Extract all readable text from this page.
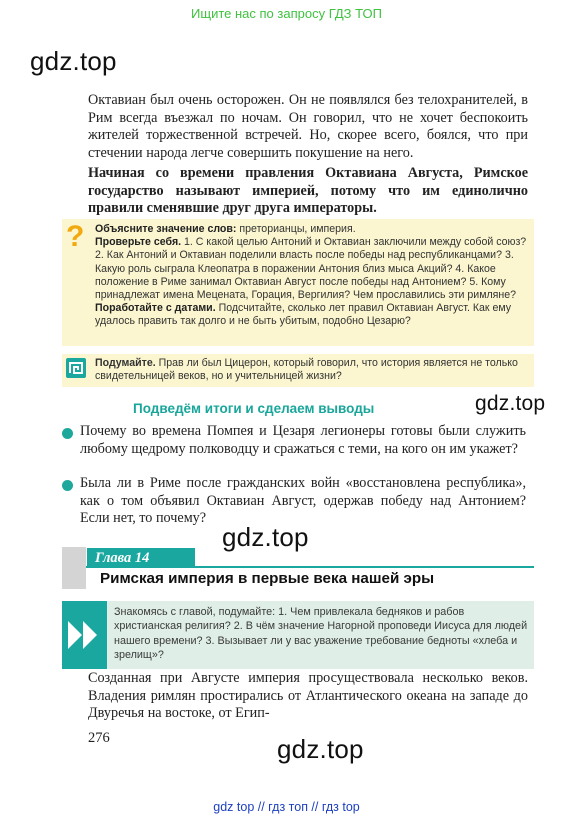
Ищите нас по запросу ГДЗ ТОП
gdz.top
Октавиан был очень осторожен. Он не появлялся без телохранителей, в Рим всегда въезжал по ночам. Он говорил, что не хочет беспокоить жителей торжественной встречей. Но, скорее всего, боялся, что при стечении народа легче совершить покушение на него.
Начиная со времени правления Октавиана Августа, Римское государство называют империей, потому что им единолично правили сменявшие друг друга императоры.
?	Объясните значение слов: преторианцы, империя.
Проверьте себя. 1. С какой целью Антоний и Октавиан заключили между собой союз? 2. Как Антоний и Октавиан поделили власть после победы над республиканцами? 3. Какую роль сыграла Клеопатра в поражении Антония близ мыса Акций? 4. Какое положение в Риме занимал Октавиан Август после победы над Антонием? 5. Кому принадлежат имена Мецената, Горация, Вергилия? Чем прославились эти римляне?
Поработайте с датами. Подсчитайте, сколько лет правил Октавиан Август. Как ему удалось править так долго и не быть убитым, подобно Цезарю?
Подумайте. Прав ли был Цицерон, который говорил, что история является не только свидетельницей веков, но и учительницей жизни?
gdz.top
Подведём итоги и сделаем выводы
Почему во времена Помпея и Цезаря легионеры готовы были служить любому щедрому полководцу и сражаться с теми, на кого он им укажет?
Была ли в Риме после гражданских войн «восстановлена республика», как о том объявил Октавиан Август, одержав победу над Антонием? Если нет, то почему?
gdz.top
Глава 14
Римская империя в первые века нашей эры
Знакомясь с главой, подумайте: 1. Чем привлекала бедняков и рабов христианская религия? 2. В чём значение Нагорной проповеди Иисуса для людей нашего времени? 3. Вызывает ли у вас уважение требование бедноты «хлеба и зрелищ»?
Созданная при Августе империя просуществовала несколько веков. Владения римлян простирались от Атлантического океана на западе до Двуречья на востоке, от Егип-
276	gdz.top
gdz top // гдз топ // гдз top
